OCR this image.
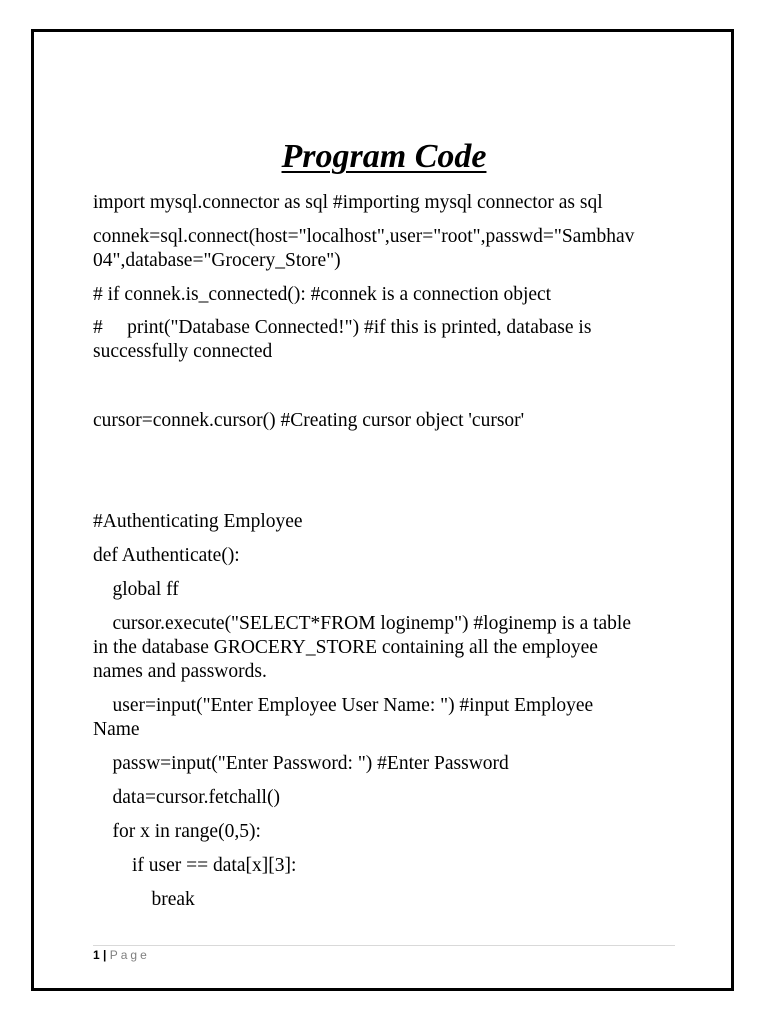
Program Code

import mysql.connector as sql #importing mysql connector as sql

connek=sql.connect(host="localhost",user="root",passwd="Sambhav
04",database="Grocery_Store")

# if connek.is_connected(): #connek is a connection object

#     print("Database Connected!") #if this is printed, database is
successfully connected

cursor=connek.cursor() #Creating cursor object 'cursor'

#Authenticating Employee

def Authenticate():

global ff

cursor.execute("SELECT*FROM loginemp") #loginemp is a table
in the database GROCERY_STORE containing all the employee
names and passwords.

user=input("Enter Employee User Name: ") #input Employee
Name

passw=input("Enter Password: ") #Enter Password

data=cursor.fetchall()

for x in range(0,5):

if user == data[x][3]:

break

1 | Page
